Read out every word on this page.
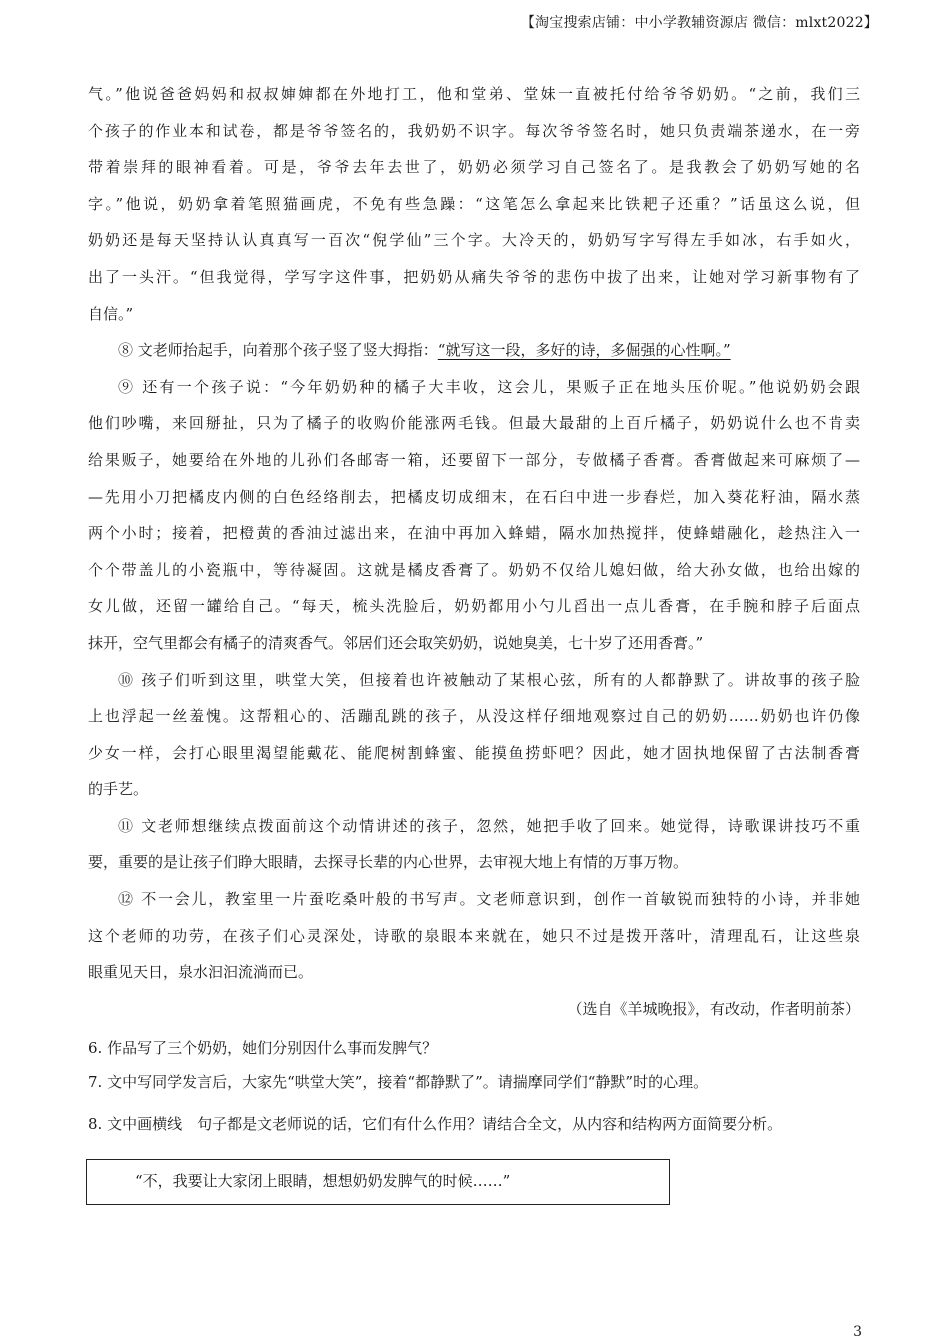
【淘宝搜索店铺：中小学教辅资源店 微信：mlxt2022】

气。”他说爸爸妈妈和叔叔婶婶都在外地打工，他和堂弟、堂妹一直被托付给爷爷奶奶。“之前，我们三
个孩子的作业本和试卷，都是爷爷签名的，我奶奶不识字。每次爷爷签名时，她只负责端茶递水，在一旁
带着崇拜的眼神看着。可是，爷爷去年去世了，奶奶必须学习自己签名了。是我教会了奶奶写她的名
字。”他说，奶奶拿着笔照猫画虎，不免有些急躁：“这笔怎么拿起来比铁耙子还重？”话虽这么说，但
奶奶还是每天坚持认认真真写一百次“倪学仙”三个字。大冷天的，奶奶写字写得左手如冰，右手如火，
出了一头汗。“但我觉得，学写字这件事，把奶奶从痛失爷爷的悲伤中拔了出来，让她对学习新事物有了
自信。”

⑧ 文老师抬起手，向着那个孩子竖了竖大拇指：“就写这一段，多好的诗，多倔强的心性啊。”

⑨ 还有一个孩子说：“今年奶奶种的橘子大丰收，这会儿，果贩子正在地头压价呢。”他说奶奶会跟
他们吵嘴，来回掰扯，只为了橘子的收购价能涨两毛钱。但最大最甜的上百斤橘子，奶奶说什么也不肯卖
给果贩子，她要给在外地的儿孙们各邮寄一箱，还要留下一部分，专做橘子香膏。香膏做起来可麻烦了—
—先用小刀把橘皮内侧的白色经络削去，把橘皮切成细末，在石臼中进一步舂烂，加入葵花籽油，隔水蒸
两个小时；接着，把橙黄的香油过滤出来，在油中再加入蜂蜡，隔水加热搅拌，使蜂蜡融化，趁热注入一
个个带盖儿的小瓷瓶中，等待凝固。这就是橘皮香膏了。奶奶不仅给儿媳妇做，给大孙女做，也给出嫁的
女儿做，还留一罐给自己。“每天，梳头洗脸后，奶奶都用小勺儿舀出一点儿香膏，在手腕和脖子后面点
抹开，空气里都会有橘子的清爽香气。邻居们还会取笑奶奶，说她臭美，七十岁了还用香膏。”

⑩ 孩子们听到这里，哄堂大笑，但接着也许被触动了某根心弦，所有的人都静默了。讲故事的孩子脸
上也浮起一丝羞愧。这帮粗心的、活蹦乱跳的孩子，从没这样仔细地观察过自己的奶奶……奶奶也许仍像
少女一样，会打心眼里渴望能戴花、能爬树割蜂蜜、能摸鱼捞虾吧？因此，她才固执地保留了古法制香膏
的手艺。

⑪ 文老师想继续点拨面前这个动情讲述的孩子，忽然，她把手收了回来。她觉得，诗歌课讲技巧不重
要，重要的是让孩子们睁大眼睛，去探寻长辈的内心世界，去审视大地上有情的万事万物。

⑫ 不一会儿，教室里一片蚕吃桑叶般的书写声。文老师意识到，创作一首敏锐而独特的小诗，并非她
这个老师的功劳，在孩子们心灵深处，诗歌的泉眼本来就在，她只不过是拨开落叶，清理乱石，让这些泉
眼重见天日，泉水汩汩流淌而已。

（选自《羊城晚报》，有改动，作者明前茶）

6. 作品写了三个奶奶，她们分别因什么事而发脾气？

7. 文中写同学发言后，大家先“哄堂大笑”，接着“都静默了”。请揣摩同学们“静默”时的心理。

8. 文中画横线　句子都是文老师说的话，它们有什么作用？请结合全文，从内容和结构两方面简要分析。

“不，我要让大家闭上眼睛，想想奶奶发脾气的时候……”
3
